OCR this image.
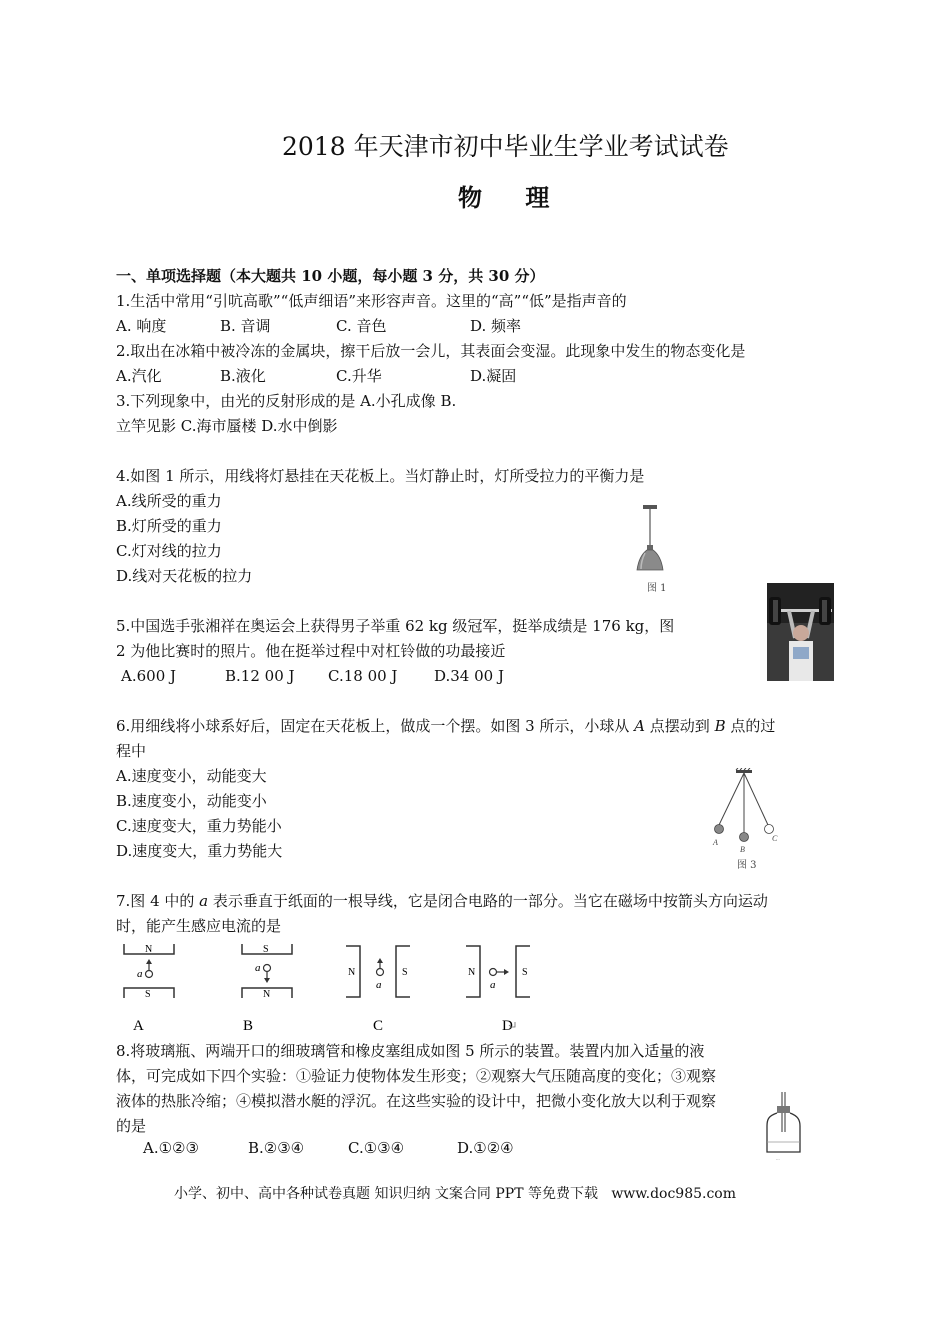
2018 年天津市初中毕业生学业考试试卷
物    理
一、单项选择题（本大题共 10 小题，每小题 3 分，共 30 分）
1.生活中常用“引吭高歌”“低声细语”来形容声音。这里的“高”“低”是指声音的
A. 响度	B. 音调	C. 音色	D. 频率
2.取出在冰箱中被冷冻的金属块，擦干后放一会儿，其表面会变湿。此现象中发生的物态变化是
A.汽化	B.液化	C.升华	D.凝固
3.下列现象中，由光的反射形成的是 A.小孔成像 B.
立竿见影 C.海市蜃楼 D.水中倒影
4.如图 1 所示，用线将灯悬挂在天花板上。当灯静止时，灯所受拉力的平衡力是
A.线所受的重力
B.灯所受的重力
C.灯对线的拉力
D.线对天花板的拉力
图 1
5.中国选手张湘祥在奥运会上获得男子举重 62 kg 级冠军，挺举成绩是 176 kg，图
2 为他比赛时的照片。他在挺举过程中对杠铃做的功最接近
A.600 J	B.12 00 J C.18 00 J D.34 00 J
6.用细线将小球系好后，固定在天花板上，做成一个摆。如图 3 所示，小球从 A 点摆动到 B 点的过
程中
A.速度变小，动能变大
B.速度变小，动能变小
C.速度变大，重力势能小
D.速度变大，重力势能大	A
B
C
图 3
7.图 4 中的 a 表示垂直于纸面的一根导线，它是闭合电路的一部分。当它在磁场中按箭头方向运动
时，能产生感应电流的是
N
S
a
A
S
N
a
B
N	S
a
C
N	S
a
D
8.将玻璃瓶、两端开口的细玻璃管和橡皮塞组成如图 5 所示的装置。装置内加入适量的液
体，可完成如下四个实验：①验证力使物体发生形变；②观察大气压随高度的变化；③观察
液体的热胀冷缩；④模拟潜水艇的浮沉。在这些实验的设计中，把微小变化放大以利于观察
的是
A.①②③	B.②③④	C.①③④	D.①②④
...
小学、初中、高中各种试卷真题 知识归纳 文案合同 PPT 等免费下载   www.doc985.com
